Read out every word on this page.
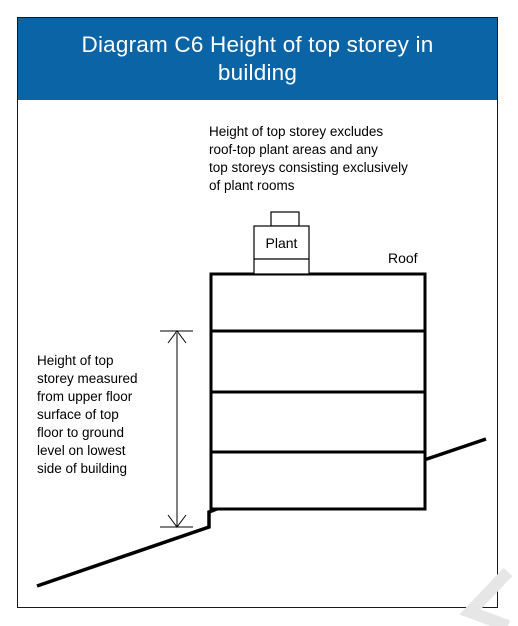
Diagram C6 Height of top storey in
building
Height of top storey excludes
roof-top plant areas and any
top storeys consisting exclusively
of plant rooms
Plant
Roof
Height of top
storey measured
from upper floor
surface of top
floor to ground
level on lowest
side of building
